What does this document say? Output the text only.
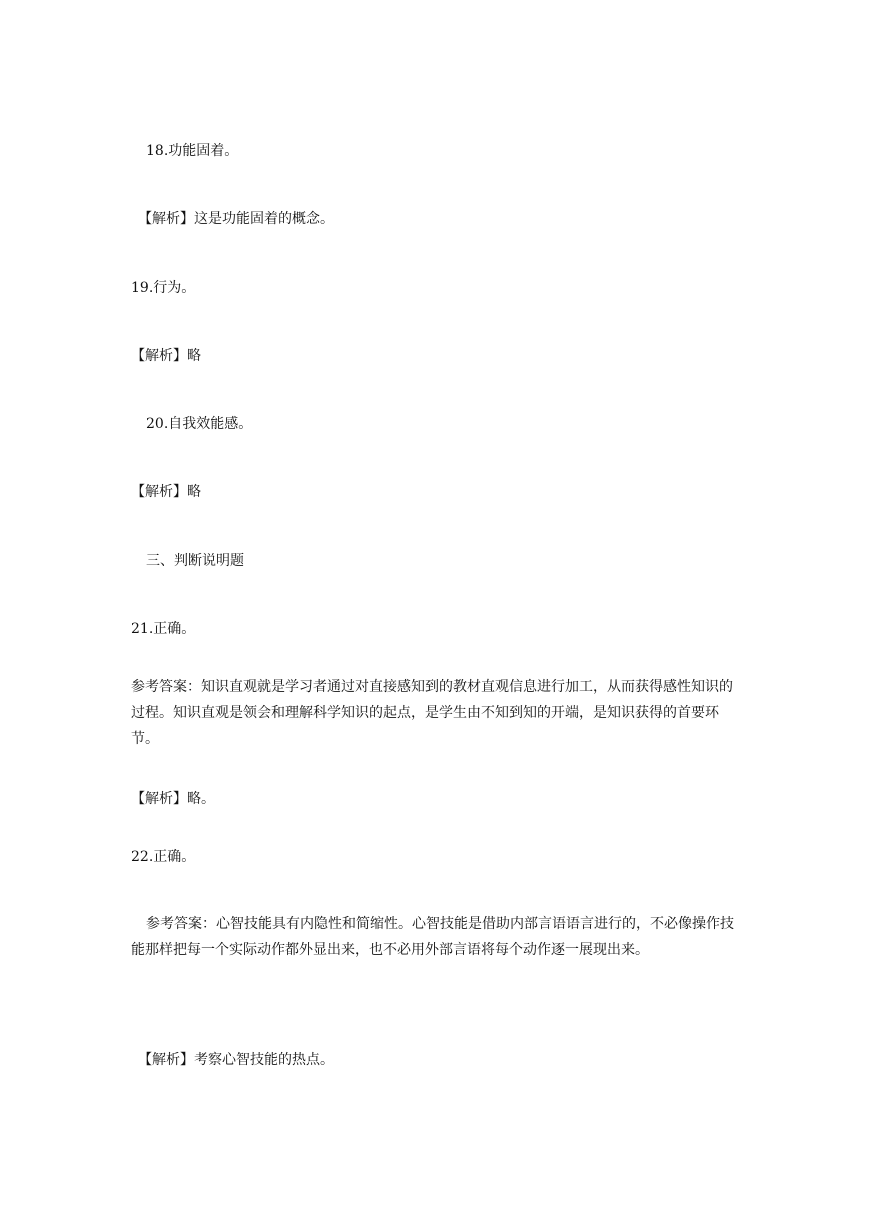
18.功能固着。
【解析】这是功能固着的概念。
19.行为。
【解析】略
20.自我效能感。
【解析】略
三、判断说明题
21.正确。
参考答案：知识直观就是学习者通过对直接感知到的教材直观信息进行加工，从而获得感性知识的过程。知识直观是领会和理解科学知识的起点，是学生由不知到知的开端，是知识获得的首要环节。
【解析】略。
22.正确。
参考答案：心智技能具有内隐性和简缩性。心智技能是借助内部言语语言进行的，不必像操作技能那样把每一个实际动作都外显出来，也不必用外部言语将每个动作逐一展现出来。
【解析】考察心智技能的热点。
